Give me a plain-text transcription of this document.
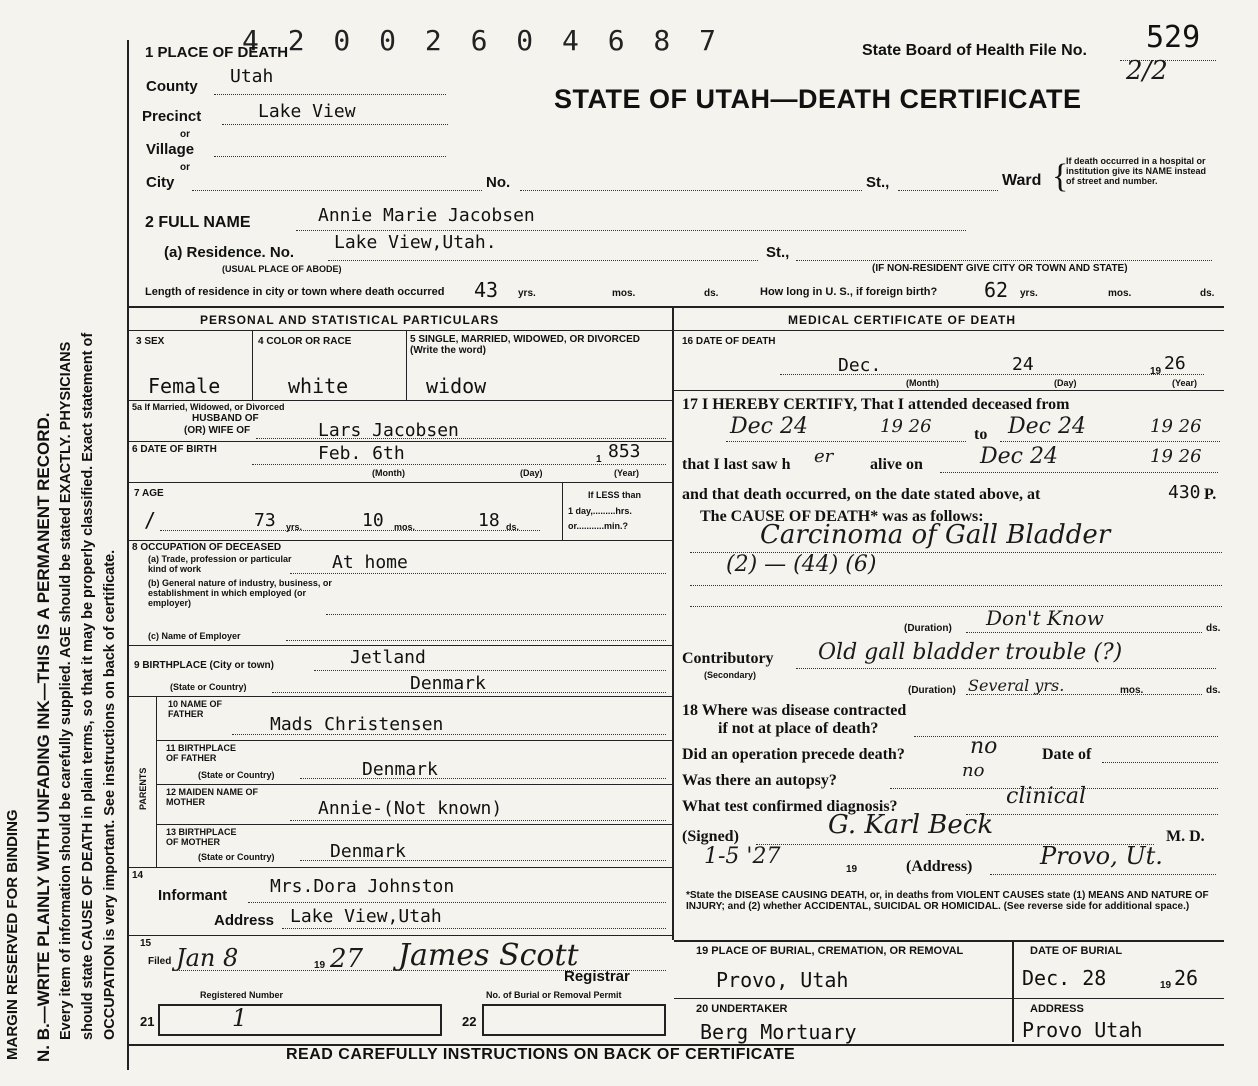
MARGIN RESERVED FOR BINDING N. B.—WRITE PLAINLY WITH UNFADING INK—THIS IS A PERMANENT RECORD. Every item of information should be carefully supplied. AGE should be stated EXACTLY. PHYSICIANS should state CAUSE OF DEATH in plain terms, so that it may be properly classified. Exact statement of OCCUPATION is very important. See instructions on back of certificate.
4 2 0 0 2 6 0 4 6 8 7
1 PLACE OF DEATH	State Board of Health File No. 529
2/2
STATE OF UTAH—DEATH CERTIFICATE
County Utah
Precinct	Lake View
or
Village
or
City	No.	St.,	Ward {
If death occurred in a hospital or institution give its NAME instead of street and number.
2 FULL NAME	Annie Marie Jacobsen
(a) Residence. No. Lake View,Utah.	St.,
(USUAL PLACE OF ABODE)	(IF NON-RESIDENT GIVE CITY OR TOWN AND STATE)
Length of residence in city or town where death occurred 43 yrs.	mos.	ds.	How long in U. S., if foreign birth? 62 yrs.	mos.	ds.
PERSONAL AND STATISTICAL PARTICULARS
3 SEX	4 COLOR OR RACE	5 SINGLE, MARRIED, WIDOWED, OR DIVORCED (Write the word)
Female	white	widow
5a If Married, Widowed, or Divorced
HUSBAND OF
(OR) WIFE OF	Lars Jacobsen
6 DATE OF BIRTH	Feb. 6th	1 853
(Month)	(Day)	(Year)
7 AGE
/	73 yrs.	10 mos.	18 ds.
If LESS than
1 day,.........hrs.
or...........min.?
8 OCCUPATION OF DECEASED
(a) Trade, profession or particular kind of work	At home
(b) General nature of industry, business, or establishment in which employed (or employer)
(c) Name of Employer
9 BIRTHPLACE (City or town)	Jetland
(State or Country)	Denmark
PARENTS
10 NAME OF FATHER	Mads Christensen
11 BIRTHPLACE OF FATHER
(State or Country)	Denmark
12 MAIDEN NAME OF MOTHER	Annie-(Not known)
13 BIRTHPLACE OF MOTHER
(State or Country)	Denmark
14
Informant Mrs.Dora Johnston
Address Lake View,Utah
15
Filed Jan 8	19 27 James Scott
Registrar
Registered Number	No. of Burial or Removal Permit
21	1	22
MEDICAL CERTIFICATE OF DEATH
16 DATE OF DEATH
Dec.	24	19 26
(Month)	(Day)	(Year)
17 I HEREBY CERTIFY, That I attended deceased from
Dec 24	19 26	to Dec 24	19 26
that I last saw h er alive on	Dec 24	19 26
and that death occurred, on the date stated above, at	430 P.
The CAUSE OF DEATH* was as follows:
Carcinoma of Gall Bladder
(2) — (44) (6)
(Duration) Don't Know	ds.
Contributory
(Secondary)
Old gall bladder trouble (?)
(Duration) Several yrs.	mos.	ds.
18 Where was disease contracted
if not at place of death?
Did an operation precede death?	no	Date of
Was there an autopsy?	no
What test confirmed diagnosis?	clinical
(Signed)	G. Karl Beck	M. D.
1-5 '27
19	(Address)	Provo, Ut.
*State the DISEASE CAUSING DEATH, or, in deaths from VIOLENT CAUSES state (1) MEANS AND NATURE OF INJURY; and (2) whether ACCIDENTAL, SUICIDAL OR HOMICIDAL. (See reverse side for additional space.)
19 PLACE OF BURIAL, CREMATION, OR REMOVAL
Provo, Utah
DATE OF BURIAL
Dec. 28	19 26
20 UNDERTAKER
Berg Mortuary
ADDRESS
Provo Utah
READ CAREFULLY INSTRUCTIONS ON BACK OF CERTIFICATE
